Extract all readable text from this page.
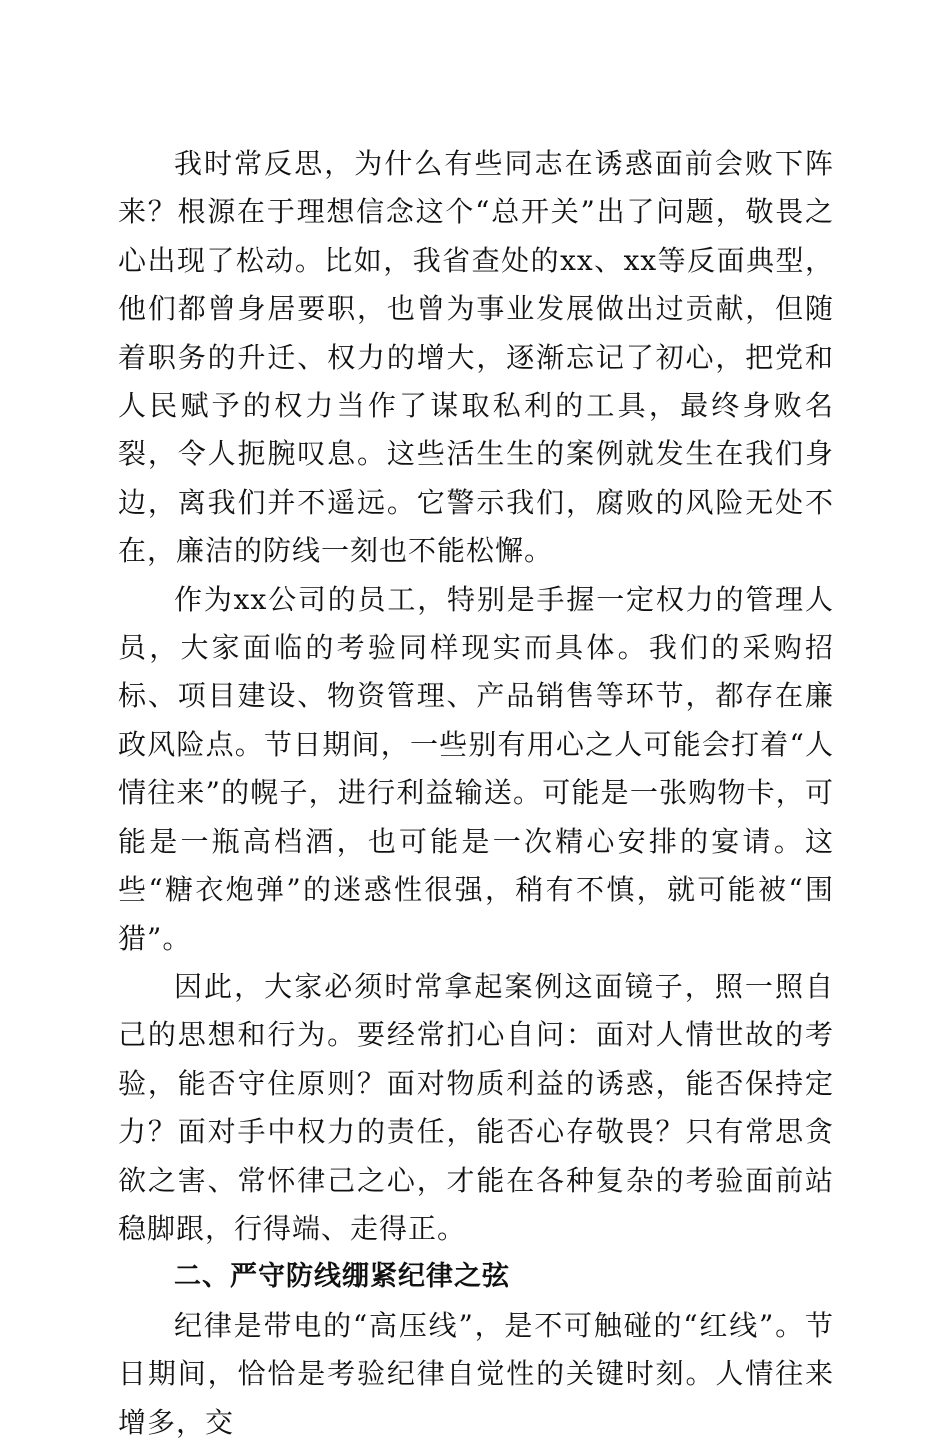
我时常反思，为什么有些同志在诱惑面前会败下阵来？根源在于理想信念这个“总开关”出了问题，敬畏之心出现了松动。比如，我省查处的xx、xx等反面典型，他们都曾身居要职，也曾为事业发展做出过贡献，但随着职务的升迁、权力的增大，逐渐忘记了初心，把党和人民赋予的权力当作了谋取私利的工具，最终身败名裂，令人扼腕叹息。这些活生生的案例就发生在我们身边，离我们并不遥远。它警示我们，腐败的风险无处不在，廉洁的防线一刻也不能松懈。

作为xx公司的员工，特别是手握一定权力的管理人员，大家面临的考验同样现实而具体。我们的采购招标、项目建设、物资管理、产品销售等环节，都存在廉政风险点。节日期间，一些别有用心之人可能会打着“人情往来”的幌子，进行利益输送。可能是一张购物卡，可能是一瓶高档酒，也可能是一次精心安排的宴请。这些“糖衣炮弹”的迷惑性很强，稍有不慎，就可能被“围猎”。

因此，大家必须时常拿起案例这面镜子，照一照自己的思想和行为。要经常扪心自问：面对人情世故的考验，能否守住原则？面对物质利益的诱惑，能否保持定力？面对手中权力的责任，能否心存敬畏？只有常思贪欲之害、常怀律己之心，才能在各种复杂的考验面前站稳脚跟，行得端、走得正。

二、严守防线绷紧纪律之弦

纪律是带电的“高压线”，是不可触碰的“红线”。节日期间，恰恰是考验纪律自觉性的关键时刻。人情往来增多，交
